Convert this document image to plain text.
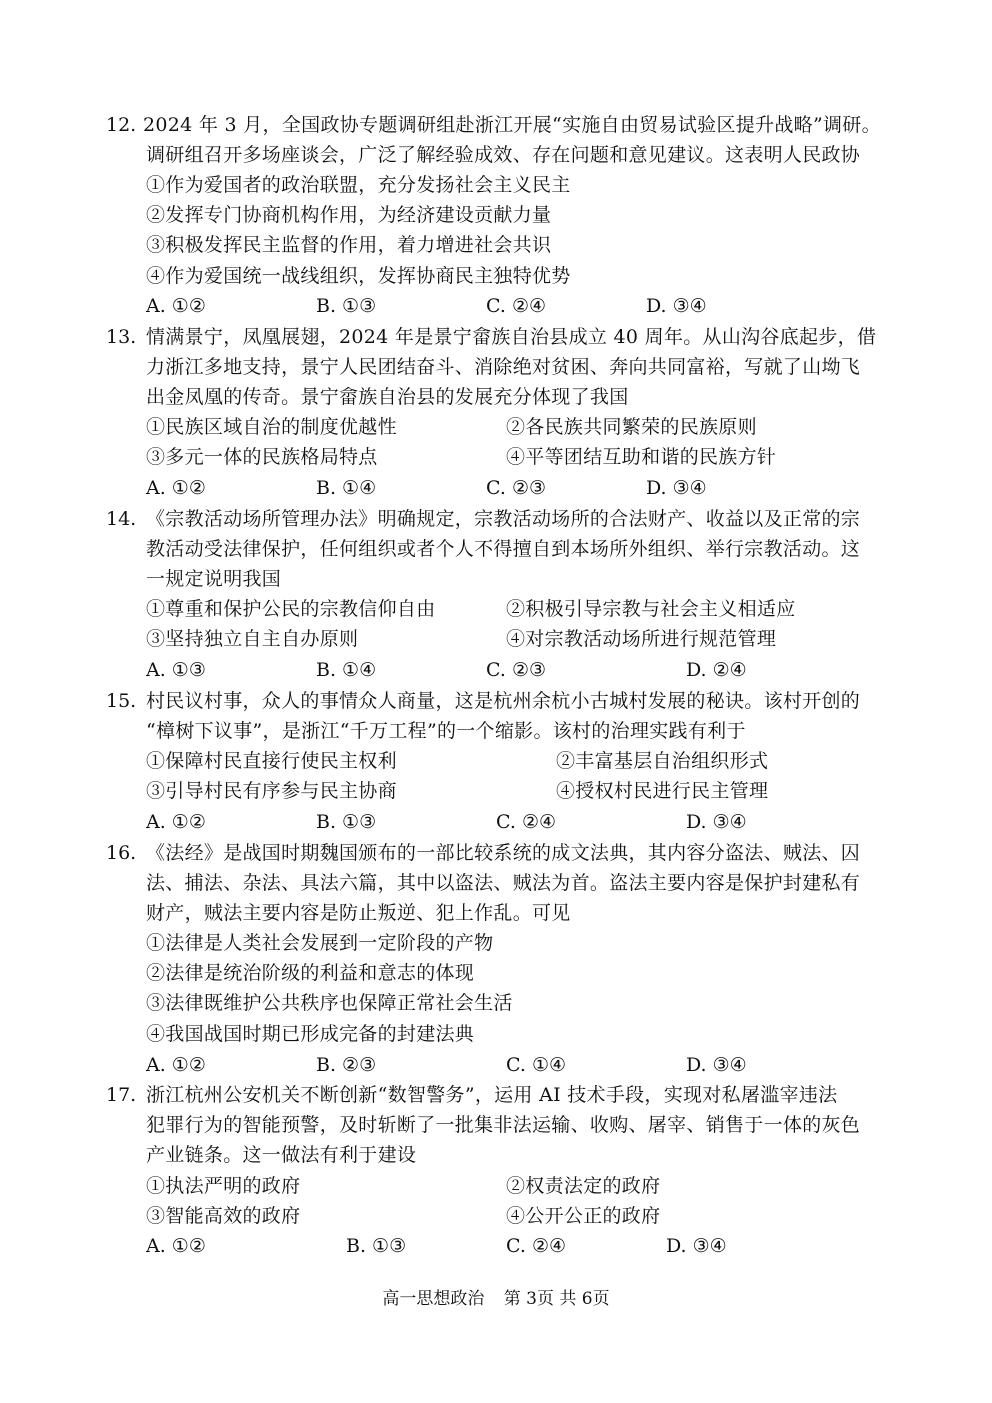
12. 2024 年 3 月，全国政协专题调研组赴浙江开展“实施自由贸易试验区提升战略”调研。
调研组召开多场座谈会，广泛了解经验成效、存在问题和意见建议。这表明人民政协
①作为爱国者的政治联盟，充分发扬社会主义民主
②发挥专门协商机构作用，为经济建设贡献力量
③积极发挥民主监督的作用，着力增进社会共识
④作为爱国统一战线组织，发挥协商民主独特优势
A. ①②	B. ①③	C. ②④	D. ③④
13. 情满景宁，凤凰展翅，2024 年是景宁畲族自治县成立 40 周年。从山沟谷底起步，借
力浙江多地支持，景宁人民团结奋斗、消除绝对贫困、奔向共同富裕，写就了山坳飞
出金凤凰的传奇。景宁畲族自治县的发展充分体现了我国
①民族区域自治的制度优越性	②各民族共同繁荣的民族原则
③多元一体的民族格局特点	④平等团结互助和谐的民族方针
A. ①②	B. ①④	C. ②③	D. ③④
14. 《宗教活动场所管理办法》明确规定，宗教活动场所的合法财产、收益以及正常的宗
教活动受法律保护，任何组织或者个人不得擅自到本场所外组织、举行宗教活动。这
一规定说明我国
①尊重和保护公民的宗教信仰自由	②积极引导宗教与社会主义相适应
③坚持独立自主自办原则	④对宗教活动场所进行规范管理
A. ①③	B. ①④	C. ②③	D. ②④
15. 村民议村事，众人的事情众人商量，这是杭州余杭小古城村发展的秘诀。该村开创的
“樟树下议事”，是浙江“千万工程”的一个缩影。该村的治理实践有利于
①保障村民直接行使民主权利	②丰富基层自治组织形式
③引导村民有序参与民主协商	④授权村民进行民主管理
A. ①②	B. ①③	C. ②④	D. ③④
16. 《法经》是战国时期魏国颁布的一部比较系统的成文法典，其内容分盗法、贼法、囚
法、捕法、杂法、具法六篇，其中以盗法、贼法为首。盗法主要内容是保护封建私有
财产，贼法主要内容是防止叛逆、犯上作乱。可见
①法律是人类社会发展到一定阶段的产物
②法律是统治阶级的利益和意志的体现
③法律既维护公共秩序也保障正常社会生活
④我国战国时期已形成完备的封建法典
A. ①②	B. ②③	C. ①④	D. ③④
17. 浙江杭州公安机关不断创新“数智警务”，运用 AI 技术手段，实现对私屠滥宰违法
犯罪行为的智能预警，及时斩断了一批集非法运输、收购、屠宰、销售于一体的灰色
产业链条。这一做法有利于建设
①执法严明的政府	②权责法定的政府
③智能高效的政府	④公开公正的政府
A. ①②	B. ①③	C. ②④	D. ③④
高一思想政治 第 3页 共 6页
